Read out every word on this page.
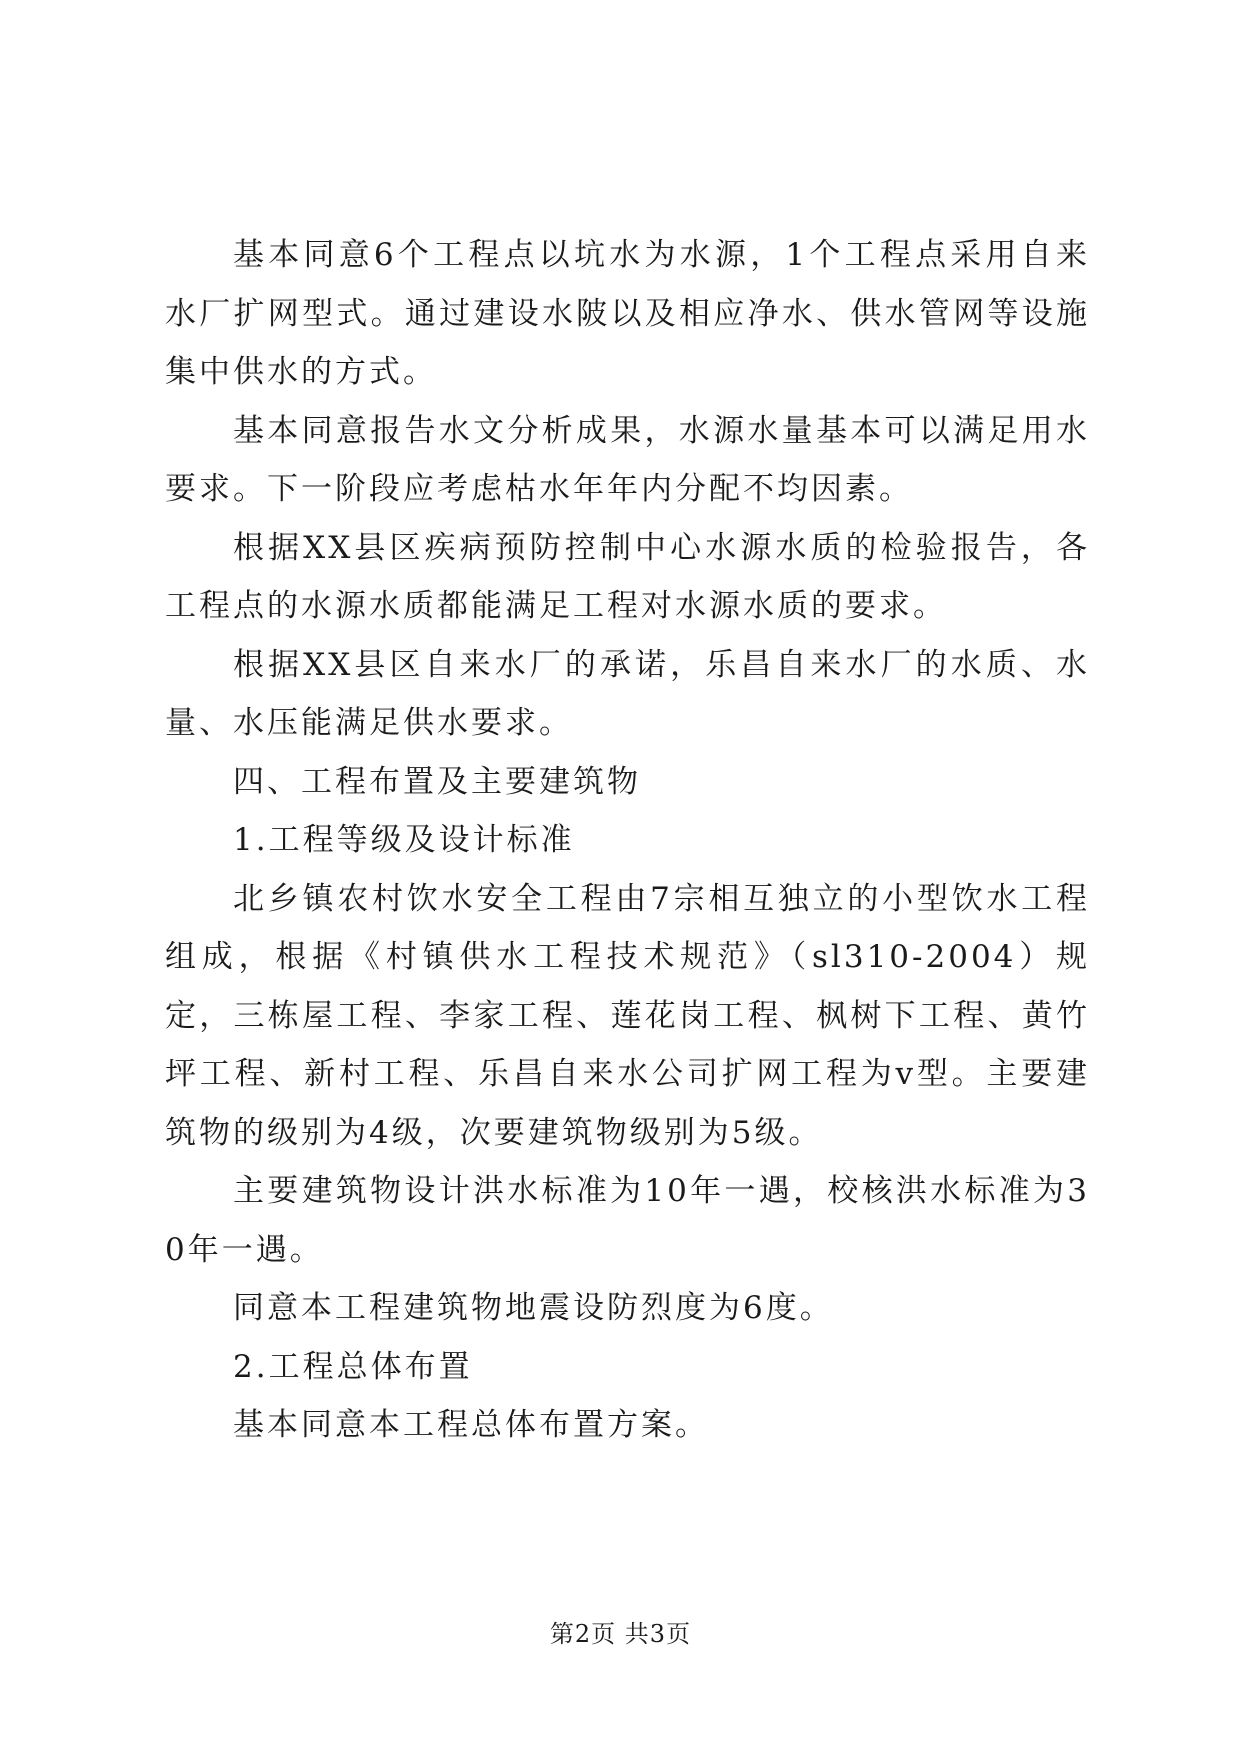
基本同意6个工程点以坑水为水源，1个工程点采用自来水厂扩网型式。通过建设水陂以及相应净水、供水管网等设施集中供水的方式。

基本同意报告水文分析成果，水源水量基本可以满足用水要求。下一阶段应考虑枯水年年内分配不均因素。

根据XX县区疾病预防控制中心水源水质的检验报告，各工程点的水源水质都能满足工程对水源水质的要求。

根据XX县区自来水厂的承诺，乐昌自来水厂的水质、水量、水压能满足供水要求。

四、工程布置及主要建筑物

1.工程等级及设计标准

北乡镇农村饮水安全工程由7宗相互独立的小型饮水工程组成，根据《村镇供水工程技术规范》（sl310-2004）规定，三栋屋工程、李家工程、莲花岗工程、枫树下工程、黄竹坪工程、新村工程、乐昌自来水公司扩网工程为v型。主要建筑物的级别为4级，次要建筑物级别为5级。

主要建筑物设计洪水标准为10年一遇，校核洪水标准为30年一遇。

同意本工程建筑物地震设防烈度为6度。

2.工程总体布置

基本同意本工程总体布置方案。

第2页 共3页
